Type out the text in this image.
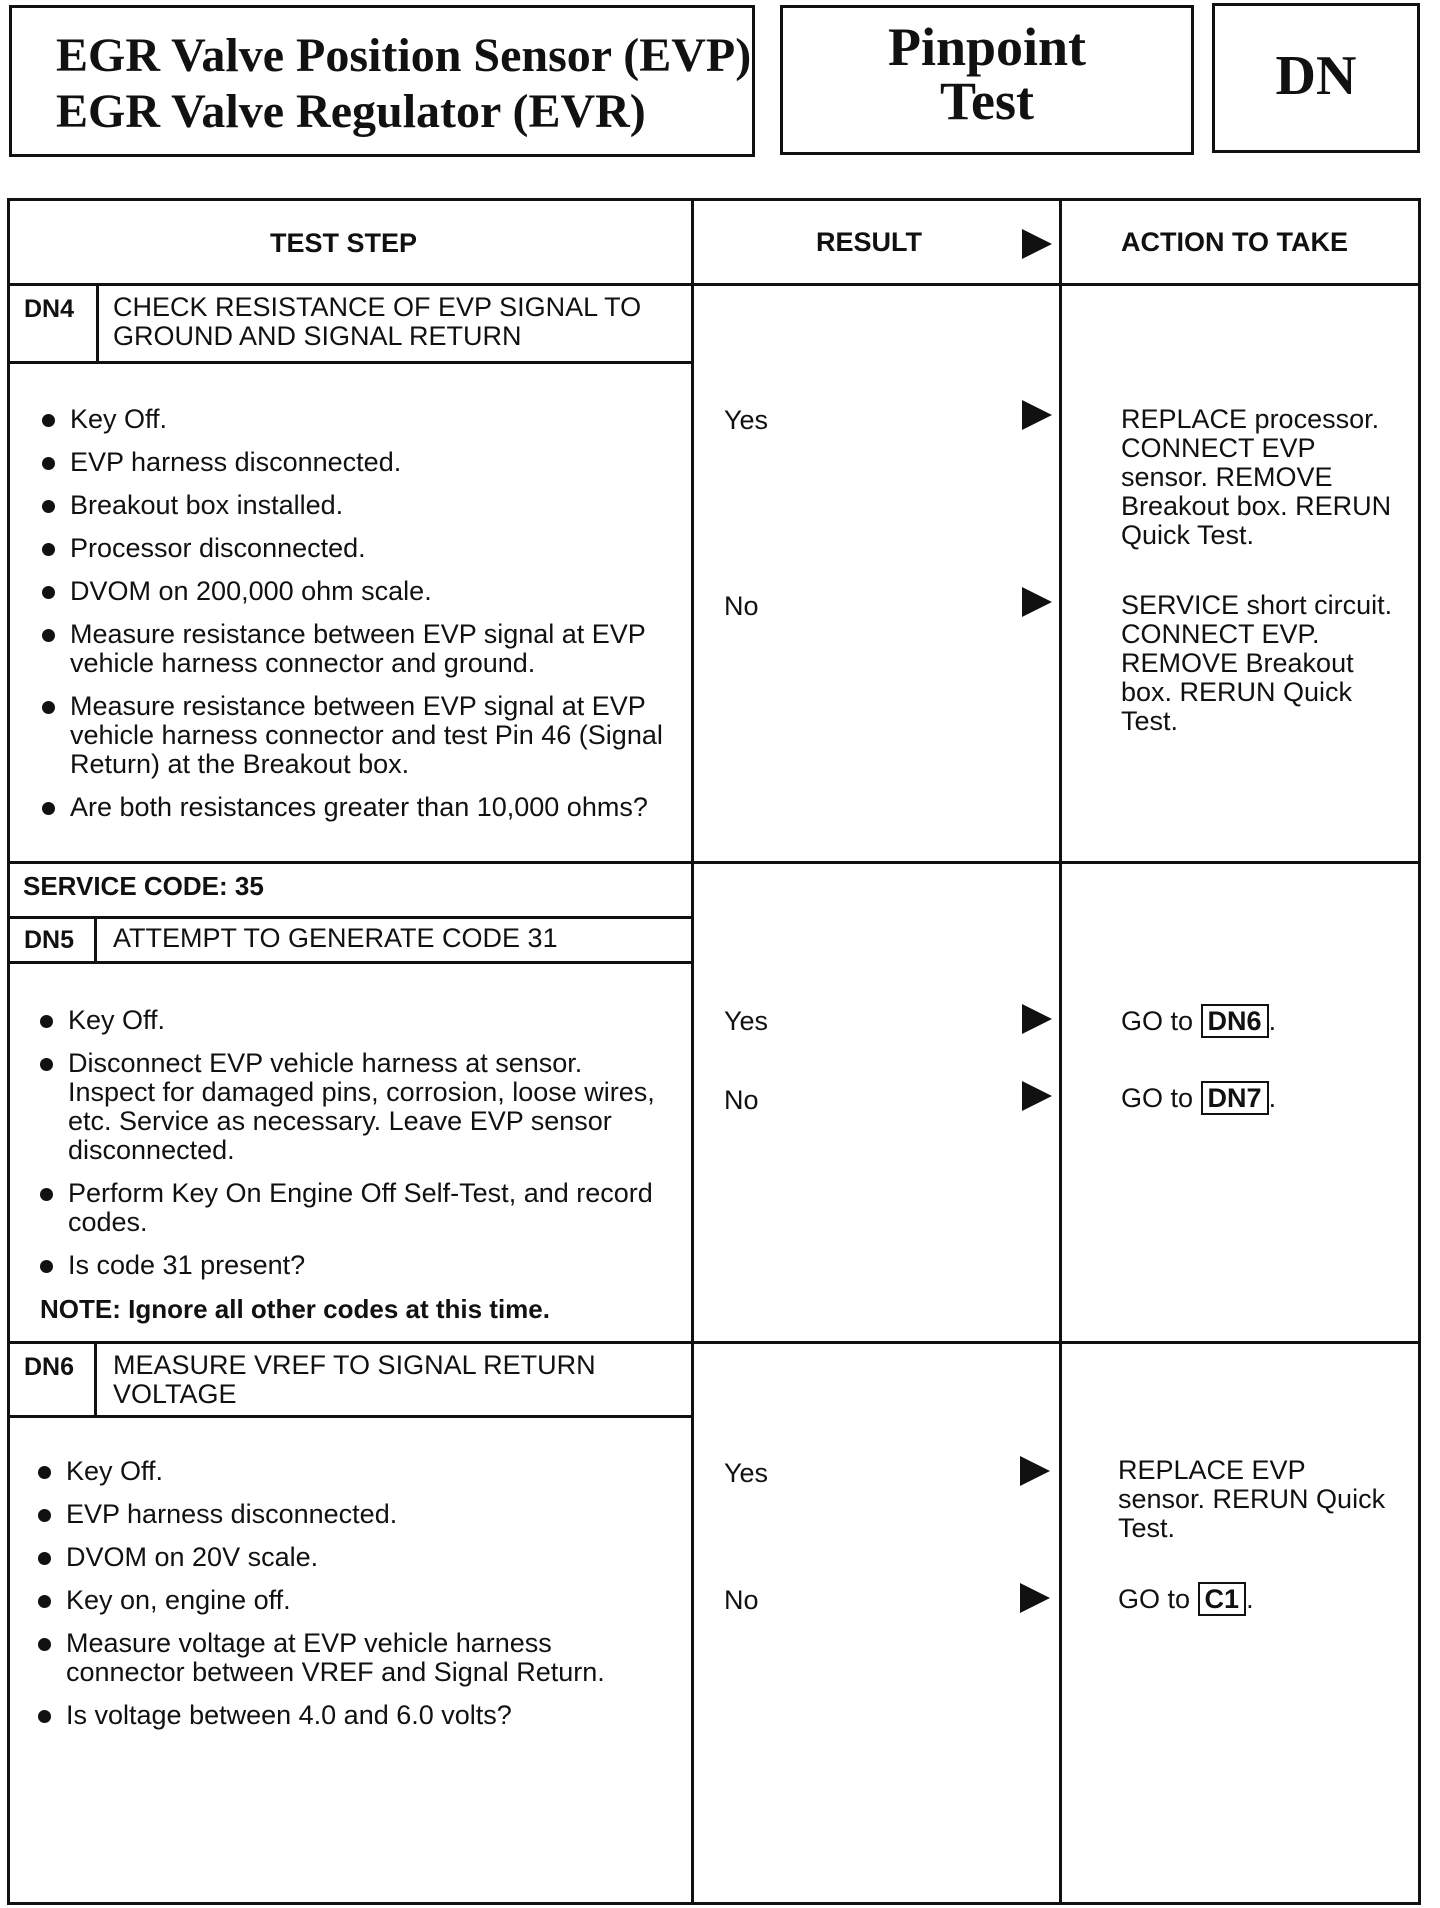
EGR Valve Position Sensor (EVP)
EGR Valve Regulator (EVR)
Pinpoint
Test	DN
TEST STEP	RESULT	ACTION TO TAKE
DN4 CHECK RESISTANCE OF EVP SIGNAL TO
GROUND AND SIGNAL RETURN
Key Off.
EVP harness disconnected.
Breakout box installed.
Processor disconnected.
DVOM on 200,000 ohm scale.
Measure resistance between EVP signal at EVP vehicle harness connector and ground.
Measure resistance between EVP signal at EVP vehicle harness connector and test Pin 46 (Signal Return) at the Breakout box.
Are both resistances greater than 10,000 ohms?
Yes	REPLACE processor.
CONNECT EVP
sensor. REMOVE
Breakout box. RERUN
Quick Test.
No	SERVICE short circuit.
CONNECT EVP.
REMOVE Breakout
box. RERUN Quick
Test.
SERVICE CODE: 35
DN5 ATTEMPT TO GENERATE CODE 31
Key Off.
Disconnect EVP vehicle harness at sensor. Inspect for damaged pins, corrosion, loose wires, etc. Service as necessary. Leave EVP sensor disconnected.
Perform Key On Engine Off Self-Test, and record codes.
Is code 31 present?
NOTE: Ignore all other codes at this time.
Yes	GO to DN6 .
No	GO to DN7 .
DN6 MEASURE VREF TO SIGNAL RETURN
VOLTAGE
Key Off.
EVP harness disconnected.
DVOM on 20V scale.
Key on, engine off.
Measure voltage at EVP vehicle harness connector between VREF and Signal Return.
Is voltage between 4.0 and 6.0 volts?
Yes	REPLACE EVP
sensor. RERUN Quick
Test.
No	GO to C1 .
